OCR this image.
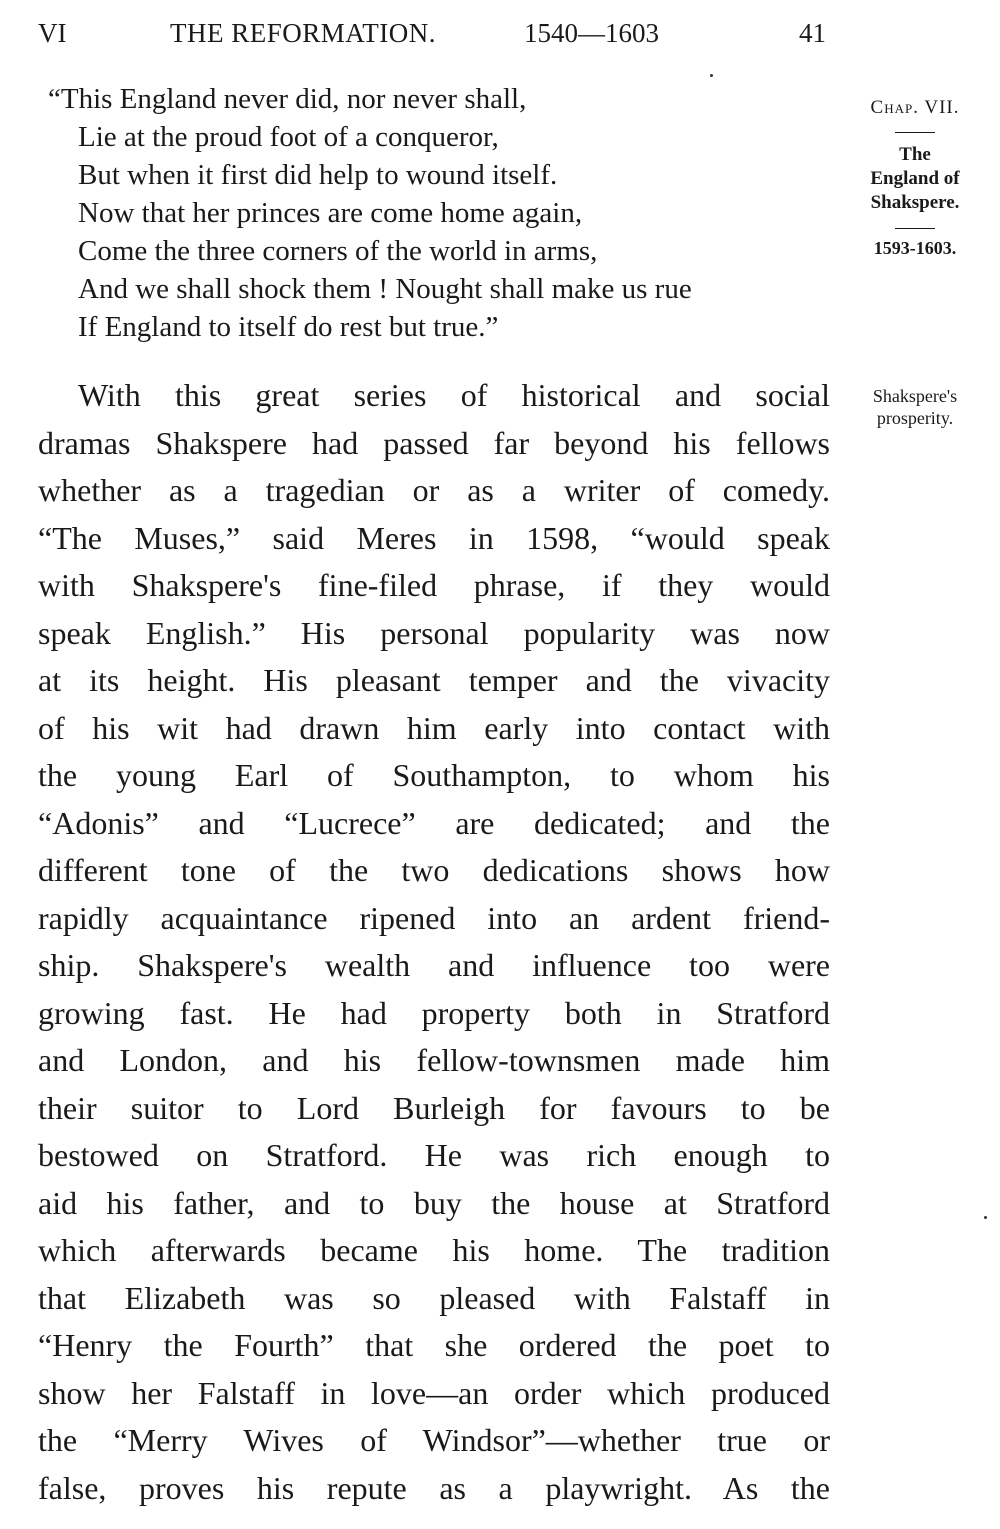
VI	THE REFORMATION.	1540—1603	41
“This England never did, nor never shall,
Lie at the proud foot of a conqueror,
But when it first did help to wound itself.
Now that her princes are come home again,
Come the three corners of the world in arms,
And we shall shock them ! Nought shall make us rue
If England to itself do rest but true.”
With this great series of historical and social
dramas Shakspere had passed far beyond his fellows
whether as a tragedian or as a writer of comedy.
“The Muses,” said Meres in 1598, “would speak
with Shakspere's fine-filed phrase, if they would
speak English.” His personal popularity was now
at its height. His pleasant temper and the vivacity
of his wit had drawn him early into contact with
the young Earl of Southampton, to whom his
“Adonis” and “Lucrece” are dedicated; and the
different tone of the two dedications shows how
rapidly acquaintance ripened into an ardent friend-
ship. Shakspere's wealth and influence too were
growing fast. He had property both in Stratford
and London, and his fellow-townsmen made him
their suitor to Lord Burleigh for favours to be
bestowed on Stratford. He was rich enough to
aid his father, and to buy the house at Stratford
which afterwards became his home. The tradition
that Elizabeth was so pleased with Falstaff in
“Henry the Fourth” that she ordered the poet to
show her Falstaff in love—an order which produced
the “Merry Wives of Windsor”—whether true or
false, proves his repute as a playwright. As the
Chap. VII.
The
England of
Shakspere.
1593-1603.
Shakspere's
prosperity.
